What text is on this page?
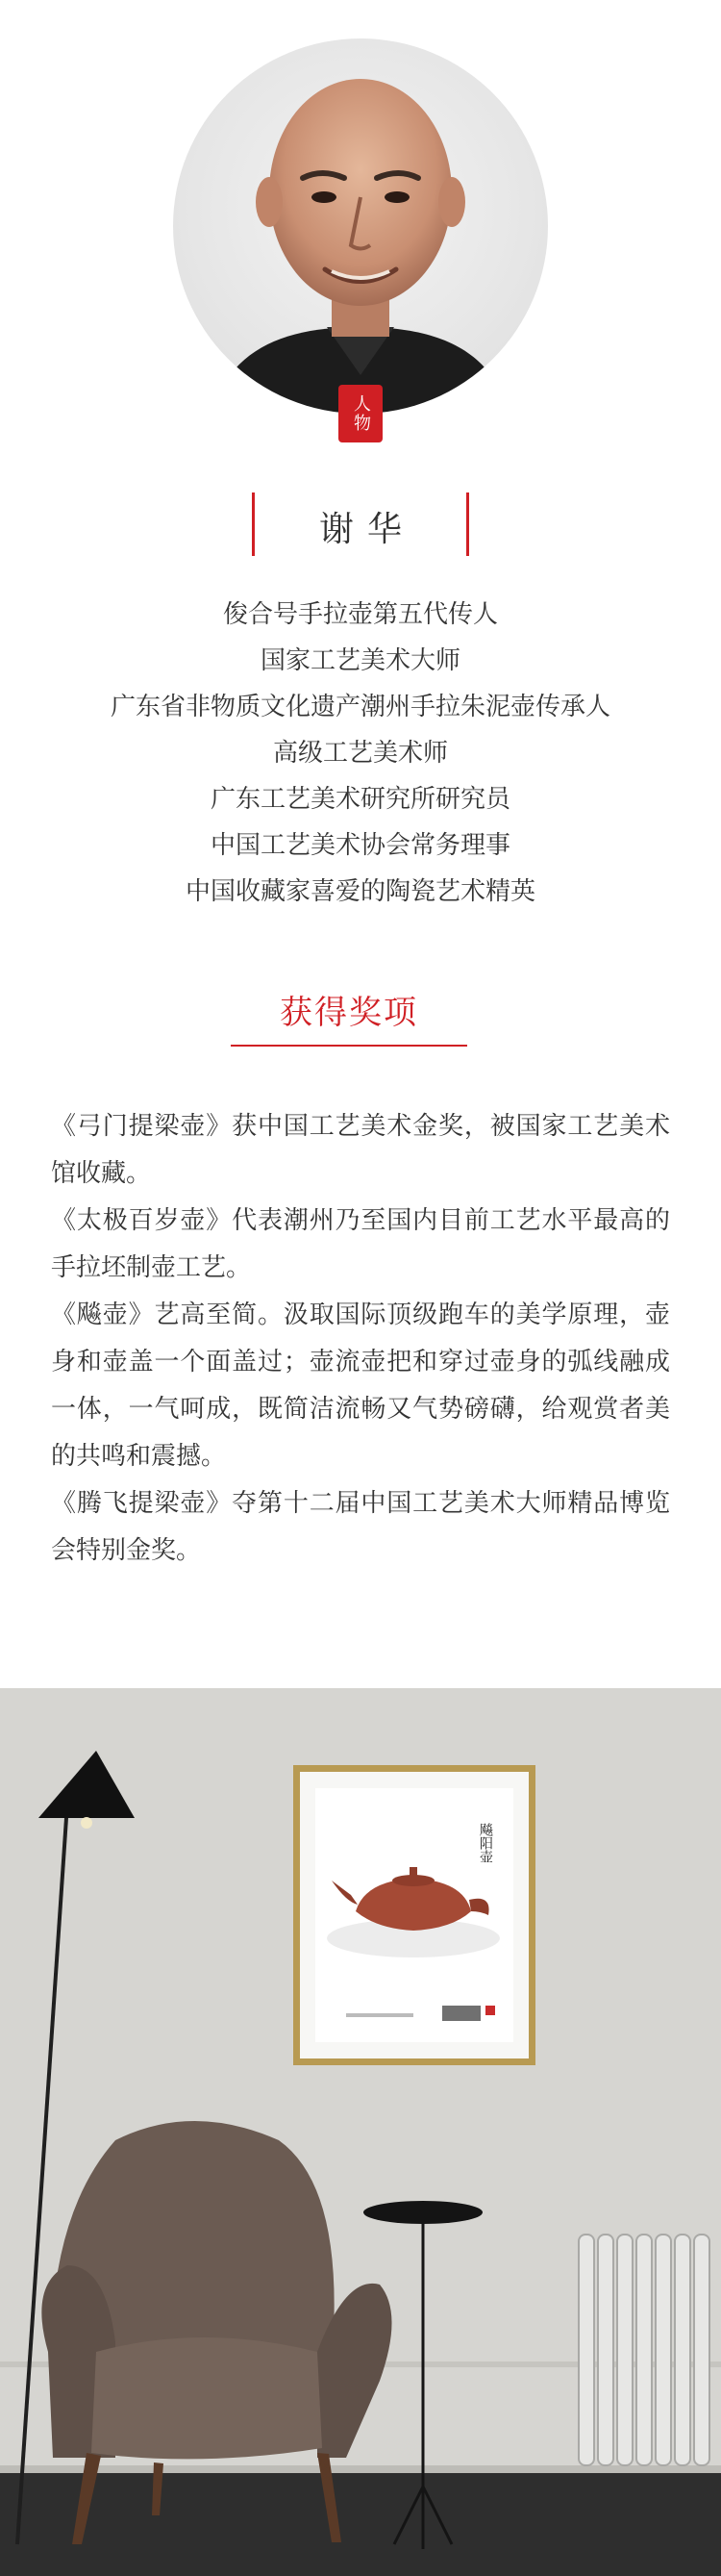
人物
谢华
俊合号手拉壶第五代传人
国家工艺美术大师
广东省非物质文化遗产潮州手拉朱泥壶传承人
高级工艺美术师
广东工艺美术研究所研究员
中国工艺美术协会常务理事
中国收藏家喜爱的陶瓷艺术精英
获得奖项

《弓门提梁壶》获中国工艺美术金奖，被国家工艺美术馆收藏。

《太极百岁壶》代表潮州乃至国内目前工艺水平最高的手拉坯制壶工艺。

《飚壶》艺高至简。汲取国际顶级跑车的美学原理，壶身和壶盖一个面盖过；壶流壶把和穿过壶身的弧线融成一体，一气呵成，既简洁流畅又气势磅礴，给观赏者美的共鸣和震撼。

《腾飞提梁壶》夺第十二届中国工艺美术大师精品博览会特别金奖。

飚阳壶
